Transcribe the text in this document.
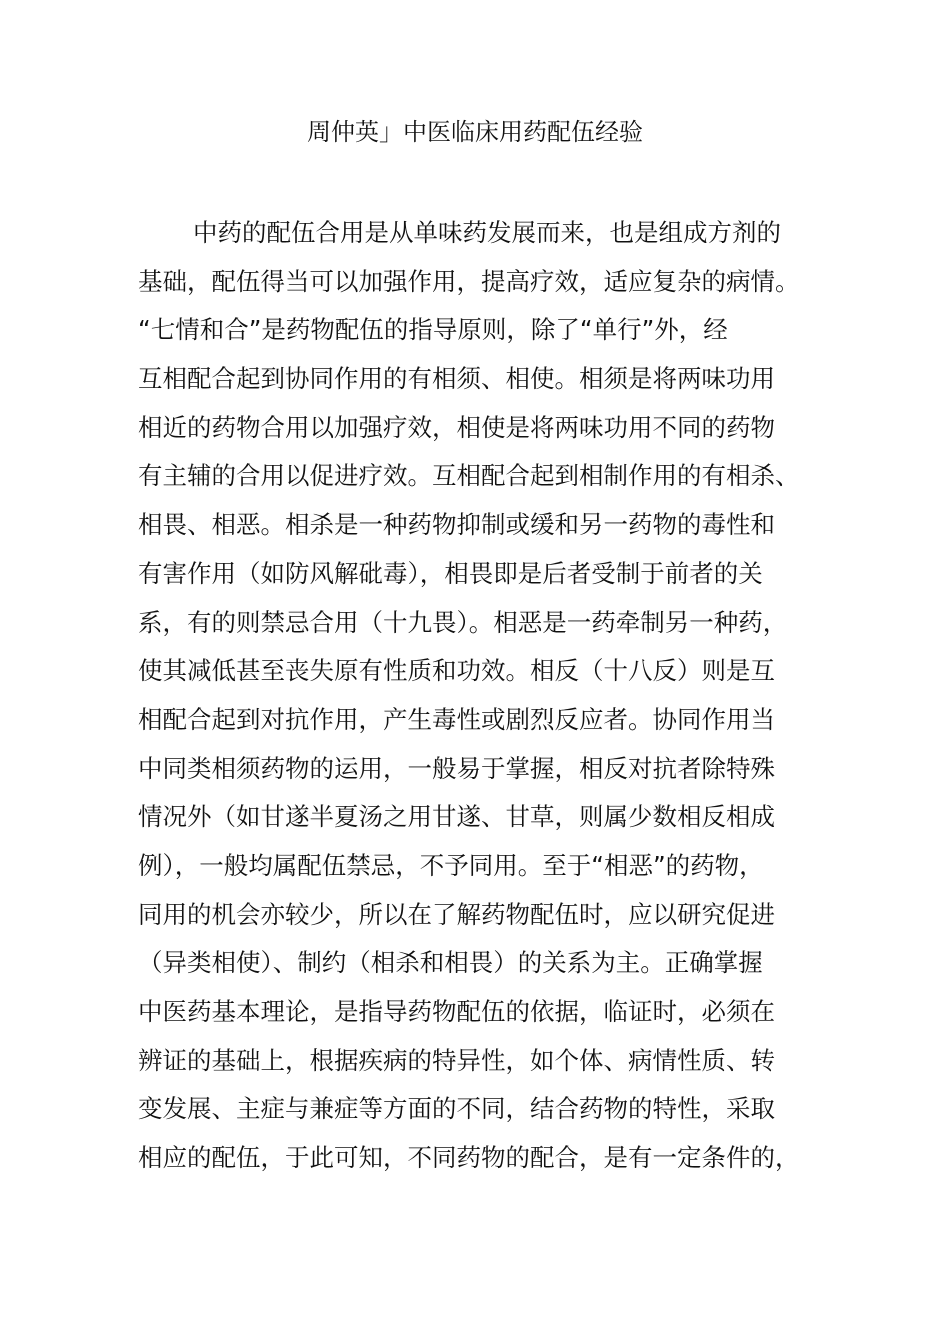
周仲英」中医临床用药配伍经验
中药的配伍合用是从单味药发展而来，也是组成方剂的
基础，配伍得当可以加强作用，提高疗效，适应复杂的病情。
“七情和合”是药物配伍的指导原则，除了“单行”外，经
互相配合起到协同作用的有相须、相使。相须是将两味功用
相近的药物合用以加强疗效，相使是将两味功用不同的药物
有主辅的合用以促进疗效。互相配合起到相制作用的有相杀、
相畏、相恶。相杀是一种药物抑制或缓和另一药物的毒性和
有害作用（如防风解砒毒），相畏即是后者受制于前者的关
系，有的则禁忌合用（十九畏）。相恶是一药牵制另一种药，
使其减低甚至丧失原有性质和功效。相反（十八反）则是互
相配合起到对抗作用，产生毒性或剧烈反应者。协同作用当
中同类相须药物的运用，一般易于掌握，相反对抗者除特殊
情况外（如甘遂半夏汤之用甘遂、甘草，则属少数相反相成
例），一般均属配伍禁忌，不予同用。至于“相恶”的药物，
同用的机会亦较少，所以在了解药物配伍时，应以研究促进
（异类相使）、制约（相杀和相畏）的关系为主。正确掌握
中医药基本理论，是指导药物配伍的依据，临证时，必须在
辨证的基础上，根据疾病的特异性，如个体、病情性质、转
变发展、主症与兼症等方面的不同，结合药物的特性，采取
相应的配伍，于此可知，不同药物的配合，是有一定条件的，
